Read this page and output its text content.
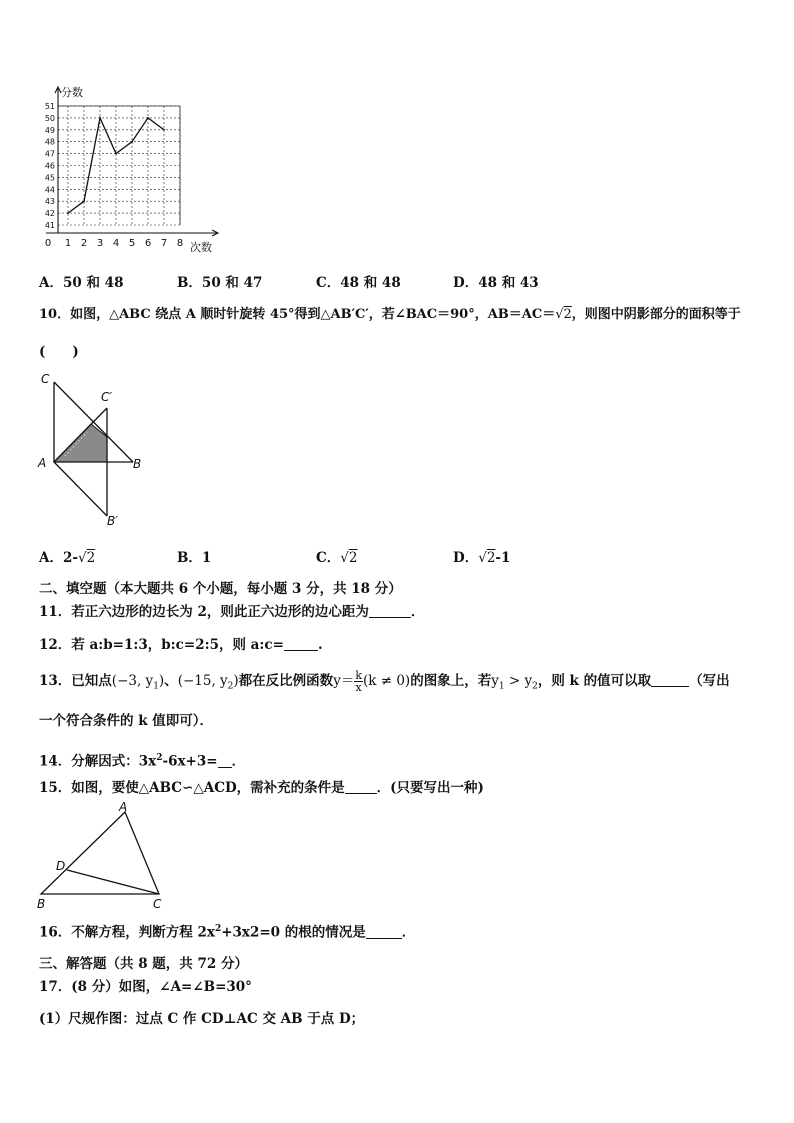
41
42
43
44
45
46
47
48
49
50
51
0 1 2 3 4 5 6 7 8
分数
次数
A．50 和 48	B．50 和 47	C．48 和 48	D．48 和 43
10．如图，△ABC 绕点 A 顺时针旋转 45°得到△AB′C′，若∠BAC＝90°，AB＝AC＝√2，则图中阴影部分的面积等于
(　　)
C
C′
A	B
B′
A．2-√2	B．1	C．√2	D．√2-1
二、填空题（本大题共 6 个小题，每小题 3 分，共 18 分）
11．若正六边形的边长为 2，则此正六边形的边心距为	．
12．若 a:b=1:3，b:c=2:5，则 a:c=	.
13．已知点(−3, $y_1$)、(−15, $y_2$)都在反比例函数$y= \frac{k}{x} (k \ne 0)$的图象上，若$y_1 > y_2$，则 k 的值可以取	（写出
一个符合条件的 k 值即可）．
14．分解因式：$3x^2-6x+3=$ ．
15．如图，要使△ABC∽△ACD，需补充的条件是 ．(只要写出一种)
A
D
B	C
16．不解方程，判断方程 $2x^2+3x2=0$ 的根的情况是	．
三、解答题（共 8 题，共 72 分）
17．(8 分）如图，∠A=∠B=30°
(1）尺规作图：过点 C 作 CD⊥AC 交 AB 于点 D；
